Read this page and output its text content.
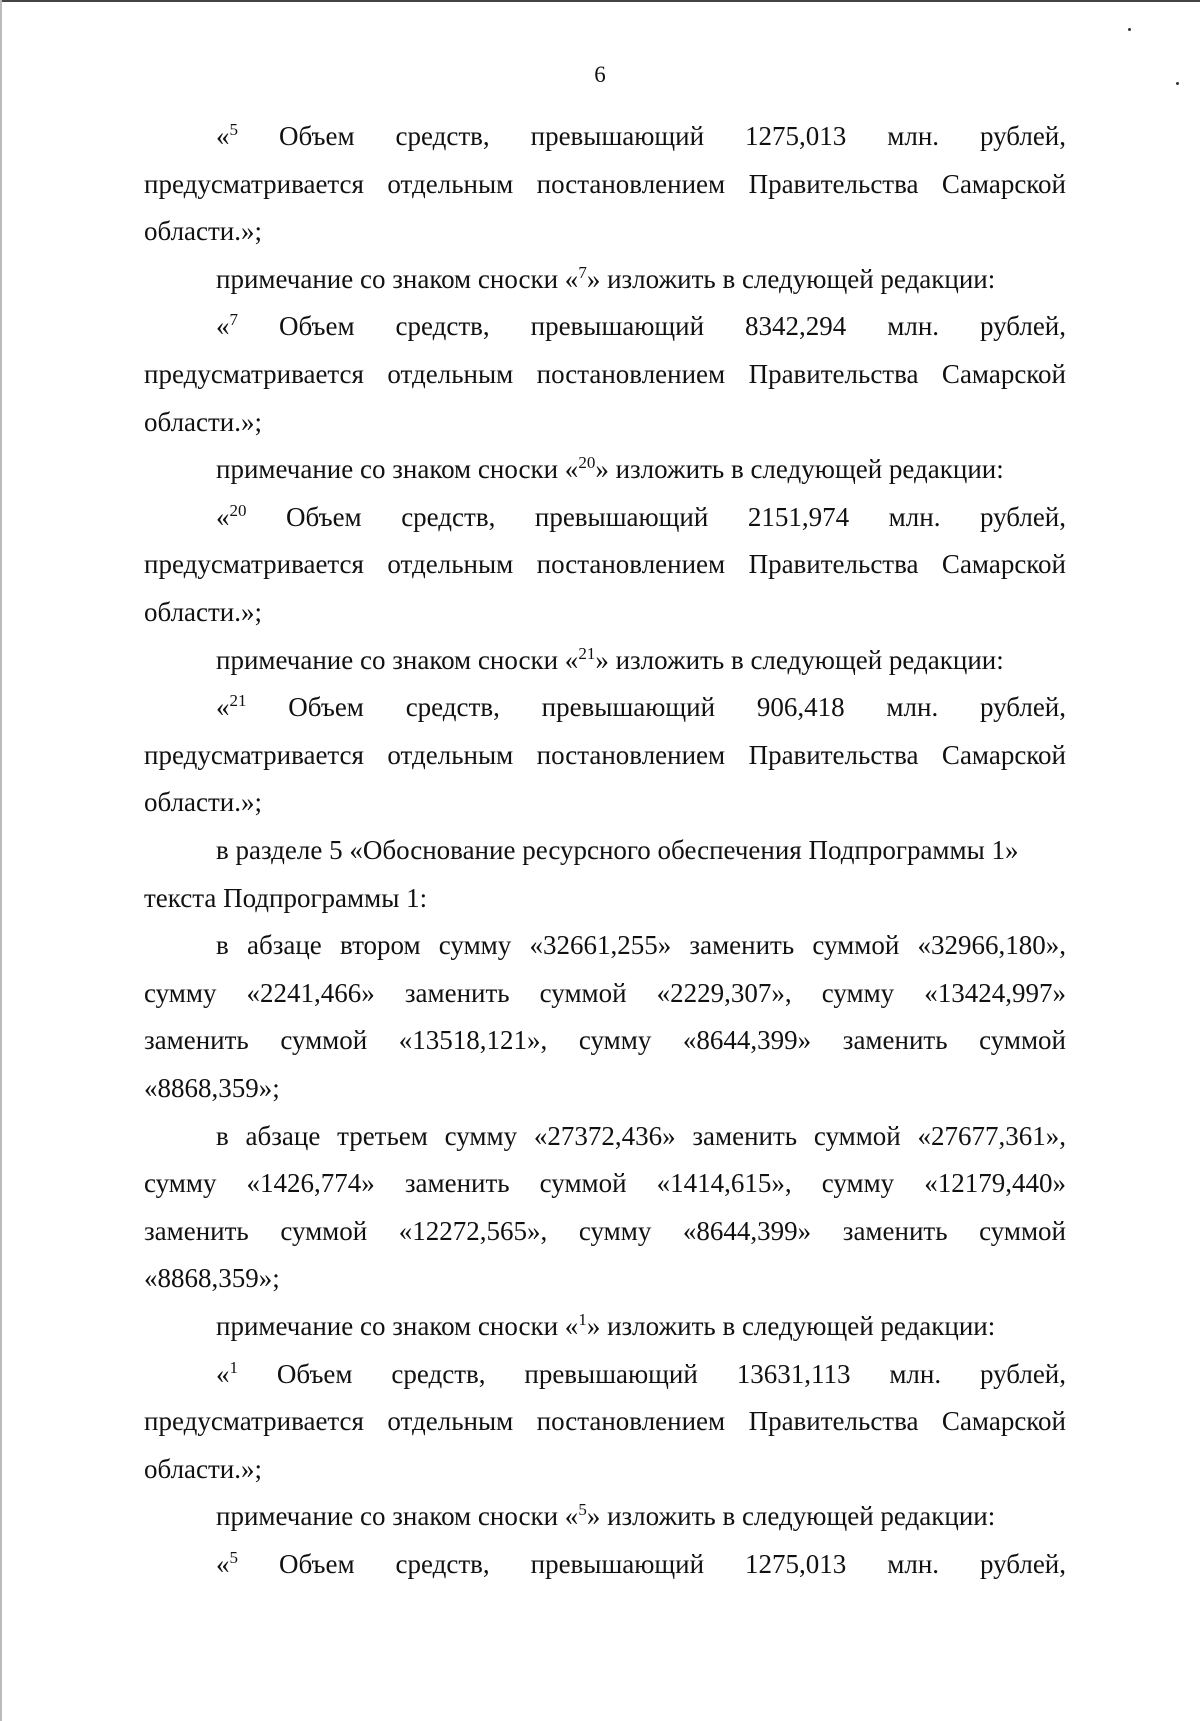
6
«$^5$ Объем средств, превышающий 1275,013 млн. рублей,
предусматривается отдельным постановлением Правительства Самарской
области.»;
примечание со знаком сноски «$^7$» изложить в следующей редакции:
«$^7$ Объем средств, превышающий 8342,294 млн. рублей,
предусматривается отдельным постановлением Правительства Самарской
области.»;
примечание со знаком сноски «$^{20}$» изложить в следующей редакции:
«$^{20}$ Объем средств, превышающий 2151,974 млн. рублей,
предусматривается отдельным постановлением Правительства Самарской
области.»;
примечание со знаком сноски «$^{21}$» изложить в следующей редакции:
«$^{21}$ Объем средств, превышающий 906,418 млн. рублей,
предусматривается отдельным постановлением Правительства Самарской
области.»;
в разделе 5 «Обоснование ресурсного обеспечения Подпрограммы 1»
текста Подпрограммы 1:
в абзаце втором сумму «32661,255» заменить суммой «32966,180»,
сумму «2241,466» заменить суммой «2229,307», сумму «13424,997»
заменить суммой «13518,121», сумму «8644,399» заменить суммой
«8868,359»;
в абзаце третьем сумму «27372,436» заменить суммой «27677,361»,
сумму «1426,774» заменить суммой «1414,615», сумму «12179,440»
заменить суммой «12272,565», сумму «8644,399» заменить суммой
«8868,359»;
примечание со знаком сноски «$^1$» изложить в следующей редакции:
«$^1$ Объем средств, превышающий 13631,113 млн. рублей,
предусматривается отдельным постановлением Правительства Самарской
области.»;
примечание со знаком сноски «$^5$» изложить в следующей редакции:
«$^5$ Объем средств, превышающий 1275,013 млн. рублей,
